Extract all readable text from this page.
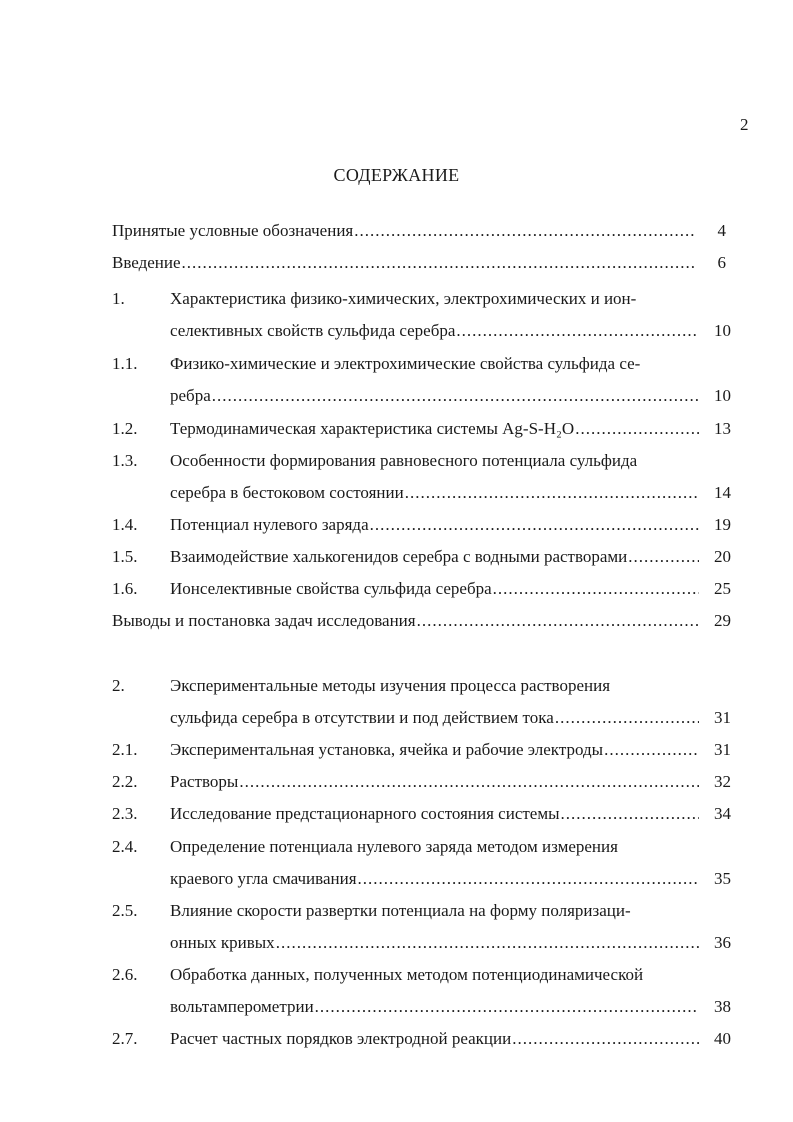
2
СОДЕРЖАНИЕ
Принятые условные обозначения .....	4
Введение .....	6
1.	Характеристика физико-химических, электрохимических и ион-
селективных свойств сульфида серебра .....	10
1.1. Физико-химические и электрохимические свойства сульфида се-
ребра .....	10
1.2. Термодинамическая характеристика системы Ag-S-H₂O .....	13
1.3. Особенности формирования равновесного потенциала сульфида
серебра в бестоковом состоянии .....	14
1.4. Потенциал нулевого заряда .....	19
1.5. Взаимодействие халькогенидов серебра с водными растворами .....	20
1.6. Ионселективные свойства сульфида серебра .....	25
Выводы и постановка задач исследования .....	29
2.	Экспериментальные методы изучения процесса растворения
сульфида серебра в отсутствии и под действием тока .....	31
2.1. Экспериментальная установка, ячейка и рабочие электроды .....	31
2.2. Растворы .....	32
2.3. Исследование предстационарного состояния системы .....	34
2.4. Определение потенциала нулевого заряда методом измерения
краевого угла смачивания .....	35
2.5. Влияние скорости развертки потенциала на форму поляризаци-
онных кривых .....	36
2.6. Обработка данных, полученных методом потенциодинамической
вольтамперометрии .....	38
2.7. Расчет частных порядков электродной реакции .....	40
